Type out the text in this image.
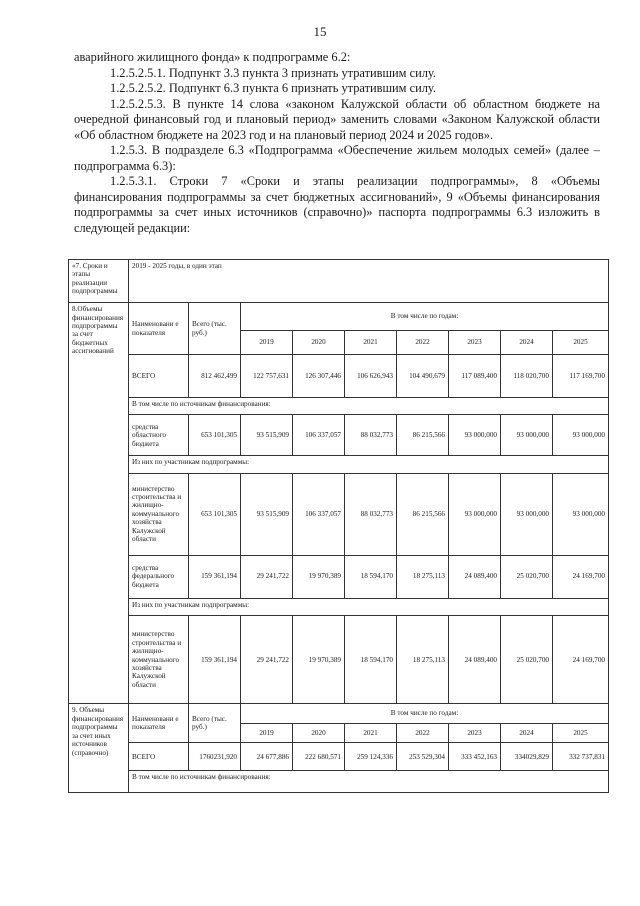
15

аварийного жилищного фонда» к подпрограмме 6.2:

1.2.5.2.5.1. Подпункт 3.3 пункта 3 признать утратившим силу.

1.2.5.2.5.2. Подпункт 6.3 пункта 6 признать утратившим силу.

1.2.5.2.5.3. В пункте 14 слова «законом Калужской области об областном бюджете на очередной финансовый год и плановый период» заменить словами «Законом Калужской области «Об областном бюджете на 2023 год и на плановый период 2024 и 2025 годов».

1.2.5.3. В подразделе 6.3 «Подпрограмма «Обеспечение жильем молодых семей» (далее – подпрограмма 6.3):

1.2.5.3.1. Строки 7 «Сроки и этапы реализации подпрограммы», 8 «Объемы финансирования подпрограммы за счет бюджетных ассигнований», 9 «Объемы финансирования подпрограммы за счет иных источников (справочно)» паспорта подпрограммы 6.3 изложить в следующей редакции:

«7. Сроки и этапы реализации подпрограммы	2019 - 2025 годы, в один этап								
8.Объемы финансирования подпрограммы за счет бюджетных ассигнований	Наименовани е показателя	Всего (тыс. руб.)	В том числе по годам:						
			2019	2020	2021	2022	2023	2024	2025
	ВСЕГО	812 462,499	122 757,631	126 307,446	106 626,943	104 490,679	117 089,400	118 020,700	117 169,700
	В том числе по источникам финансирования:								
	средства областного бюджета	653 101,305	93 515,909	106 337,057	88 032,773	86 215,566	93 000,000	93 000,000	93 000,000
	Из них по участникам подпрограммы:								
	министерство строительства и жилищно-коммунального хозяйства Калужской области	653 101,305	93 515,909	106 337,057	88 032,773	86 215,566	93 000,000	93 000,000	93 000,000
	средства федерального бюджета	159 361,194	29 241,722	19 970,389	18 594,170	18 275,113	24 089,400	25 020,700	24 169,700
	Из них по участникам подпрограммы:								
	министерство строительства и жилищно-коммунального хозяйства Калужской области	159 361,194	29 241,722	19 970,389	18 594,170	18 275,113	24 089,400	25 020,700	24 169,700
9. Объемы финансирования подпрограммы за счет иных источников (справочно)	Наименовани е показателя	Всего (тыс. руб.)	В том числе по годам:						
			2019	2020	2021	2022	2023	2024	2025
	ВСЕГО	1760231,920	24 677,886	222 680,571	259 124,336	253 529,304	333 452,163	334029,829	332 737,831
	В том числе по источникам финансирования:								
